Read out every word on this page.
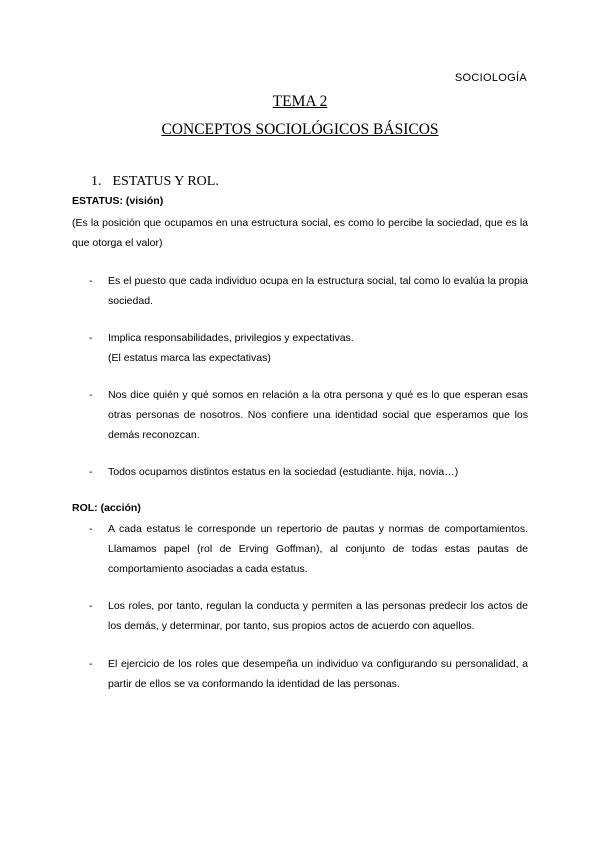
SOCIOLOGÍA
TEMA 2
CONCEPTOS SOCIOLÓGICOS BÁSICOS
1. ESTATUS Y ROL.
ESTATUS: (visión)
(Es la posición que ocupamos en una estructura social, es como lo percibe la sociedad, que es la que otorga el valor)
- Es el puesto que cada individuo ocupa en la estructura social, tal como lo evalúa la propia sociedad.
- Implica responsabilidades, privilegios y expectativas.
(El estatus marca las expectativas)
- Nos dice quién y qué somos en relación a la otra persona y qué es lo que esperan esas otras personas de nosotros. Nos confiere una identidad social que esperamos que los demás reconozcan.
- Todos ocupamos distintos estatus en la sociedad (estudiante. hija, novia…)
ROL: (acción)
- A cada estatus le corresponde un repertorio de pautas y normas de comportamientos. Llamamos papel (rol de Erving Goffman), al conjunto de todas estas pautas de comportamiento asociadas a cada estatus.
- Los roles, por tanto, regulan la conducta y permiten a las personas predecir los actos de los demás, y determinar, por tanto, sus propios actos de acuerdo con aquellos.
- El ejercicio de los roles que desempeña un individuo va configurando su personalidad, a partir de ellos se va conformando la identidad de las personas.
